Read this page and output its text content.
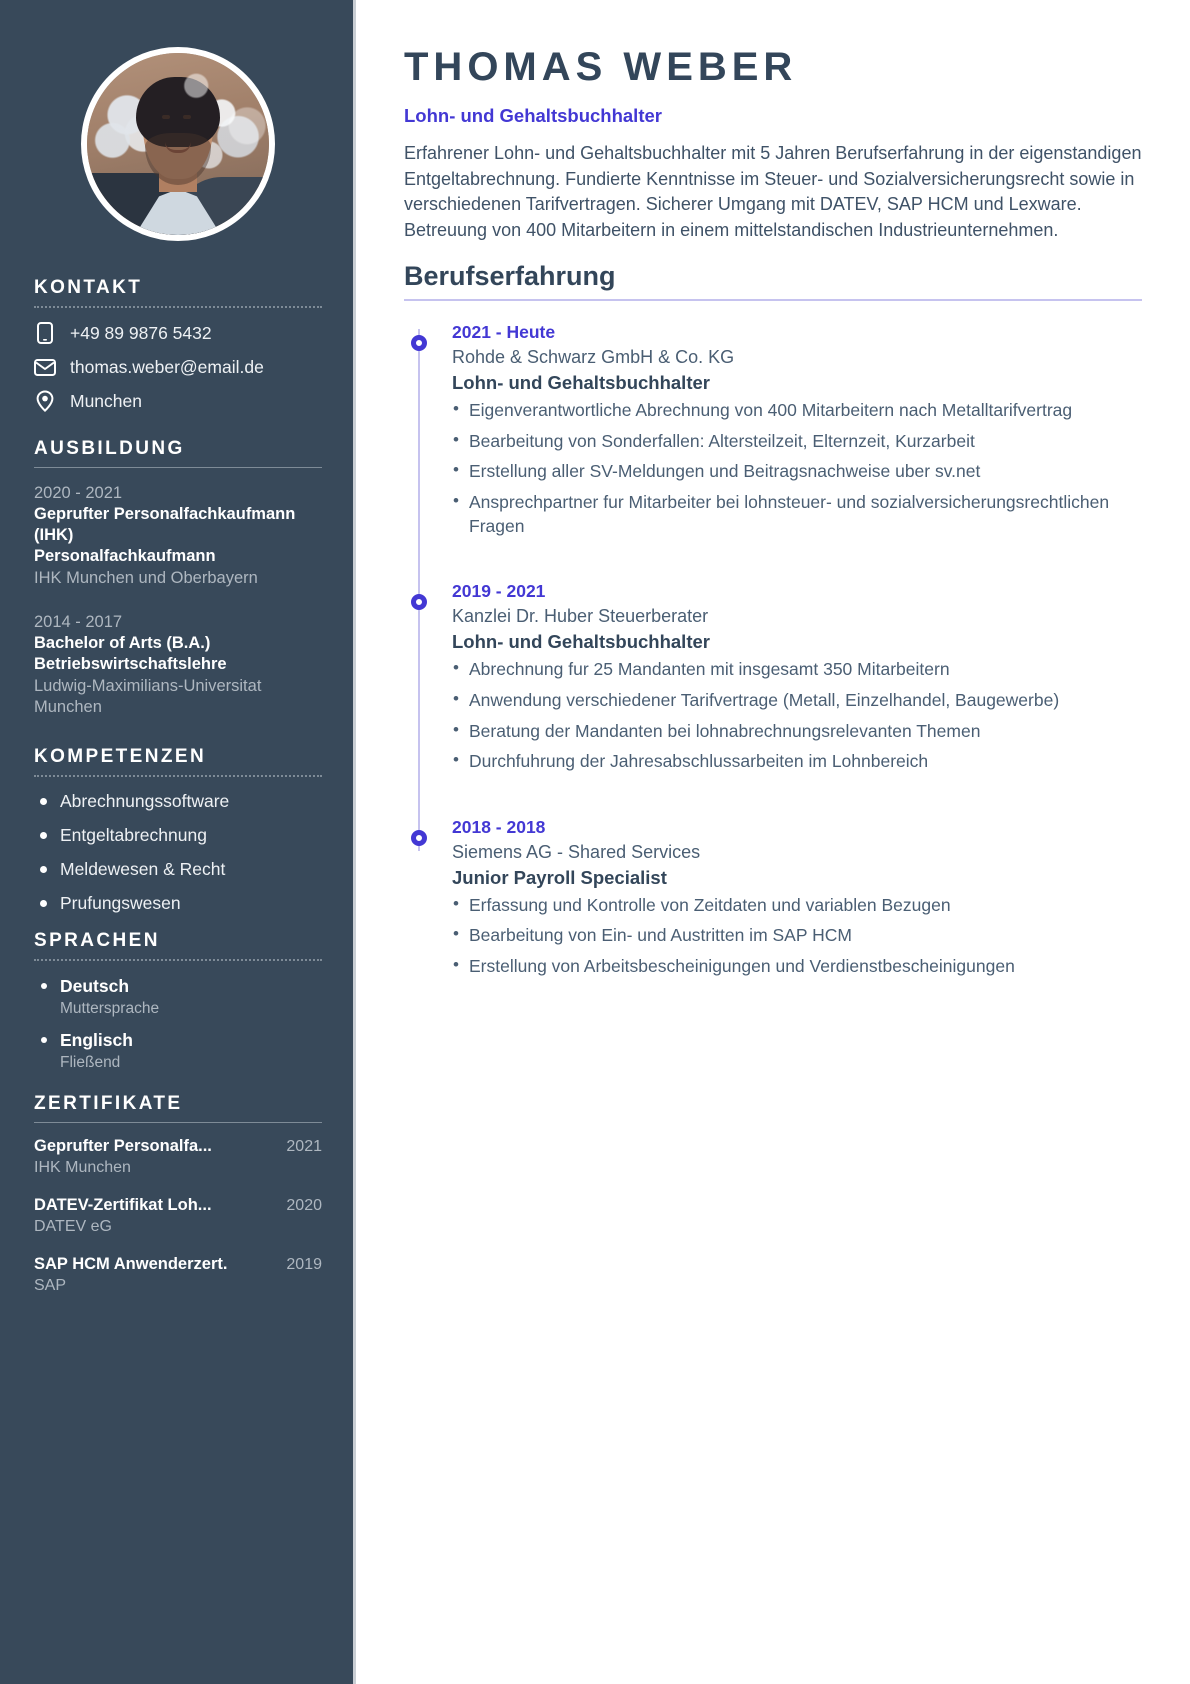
KONTAKT
+49 89 9876 5432
thomas.weber@email.de
Munchen
AUSBILDUNG
2020 - 2021
Geprufter Personalfachkaufmann (IHK)
Personalfachkaufmann
IHK Munchen und Oberbayern
2014 - 2017
Bachelor of Arts (B.A.)
Betriebswirtschaftslehre
Ludwig-Maximilians-Universitat Munchen
KOMPETENZEN
Abrechnungssoftware
Entgeltabrechnung
Meldewesen & Recht
Prufungswesen
SPRACHEN
Deutsch
Muttersprache
Englisch
Fließend
ZERTIFIKATE
Geprufter Personalfa...	2021
IHK Munchen
DATEV-Zertifikat Loh...	2020
DATEV eG
SAP HCM Anwenderzert.	2019
SAP
THOMAS WEBER
Lohn- und Gehaltsbuchhalter

Erfahrener Lohn- und Gehaltsbuchhalter mit 5 Jahren Berufserfahrung in der eigenstandigen Entgeltabrechnung. Fundierte Kenntnisse im Steuer- und Sozialversicherungsrecht sowie in verschiedenen Tarifvertragen. Sicherer Umgang mit DATEV, SAP HCM und Lexware. Betreuung von 400 Mitarbeitern in einem mittelstandischen Industrieunternehmen.

Berufserfahrung
2021 - Heute
Rohde & Schwarz GmbH & Co. KG
Lohn- und Gehaltsbuchhalter
• Eigenverantwortliche Abrechnung von 400 Mitarbeitern nach Metalltarifvertrag
• Bearbeitung von Sonderfallen: Altersteilzeit, Elternzeit, Kurzarbeit
• Erstellung aller SV-Meldungen und Beitragsnachweise uber sv.net
• Ansprechpartner fur Mitarbeiter bei lohnsteuer- und sozialversicherungsrechtlichen Fragen
2019 - 2021
Kanzlei Dr. Huber Steuerberater
Lohn- und Gehaltsbuchhalter
• Abrechnung fur 25 Mandanten mit insgesamt 350 Mitarbeitern
• Anwendung verschiedener Tarifvertrage (Metall, Einzelhandel, Baugewerbe)
• Beratung der Mandanten bei lohnabrechnungsrelevanten Themen
• Durchfuhrung der Jahresabschlussarbeiten im Lohnbereich
2018 - 2018
Siemens AG - Shared Services
Junior Payroll Specialist
• Erfassung und Kontrolle von Zeitdaten und variablen Bezugen
• Bearbeitung von Ein- und Austritten im SAP HCM
• Erstellung von Arbeitsbescheinigungen und Verdienstbescheinigungen
